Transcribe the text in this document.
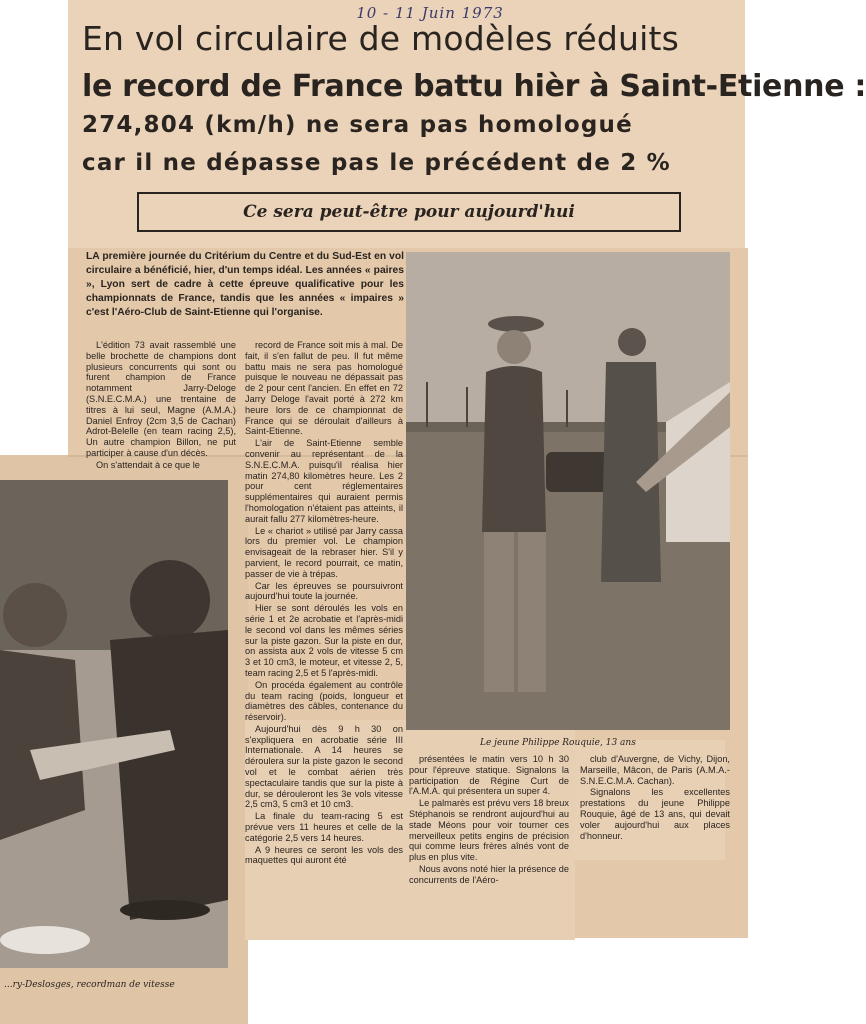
10 - 11 Juin 1973
En vol circulaire de modèles réduits
le record de France battu hièr à Saint-Etienne :
274,804 (km/h) ne sera pas homologué
car il ne dépasse pas le précédent de 2 %
Ce sera peut-être pour aujourd'hui
LA première journée du Critérium du Centre et du Sud-Est en vol circulaire a bénéficié, hier, d'un temps idéal. Les années « paires », Lyon sert de cadre à cette épreuve qualificative pour les championnats de France, tandis que les années « impaires » c'est l'Aéro-Club de Saint-Etienne qui l'organise.

L'édition 73 avait rassemblé une belle brochette de champions dont plusieurs concurrents qui sont ou furent champion de France notamment Jarry-Deloge (S.N.E.C.M.A.) une trentaine de titres à lui seul, Magne (A.M.A.) Daniel Enfroy (2cm 3,5 de Cachan) Adrot-Belelle (en team racing 2,5), Un autre champion Billon, ne put participer à cause d'un décès.

On s'attendait à ce que le

record de France soit mis à mal. De fait, il s'en fallut de peu. Il fut même battu mais ne sera pas homologué puisque le nouveau ne dépassait pas de 2 pour cent l'ancien. En effet en 72 Jarry Deloge l'avait porté à 272 km heure lors de ce championnat de France qui se déroulait d'ailleurs à Saint-Etienne.

L'air de Saint-Etienne semble convenir au représentant de la S.N.E.C.M.A. puisqu'il réalisa hier matin 274,80 kilomètres heure. Les 2 pour cent réglementaires supplémentaires qui auraient permis l'homologation n'étaient pas atteints, il aurait fallu 277 kilomètres-heure.

Le « chariot » utilisé par Jarry cassa lors du premier vol. Le champion envisageait de la rebraser hier. S'il y parvient, le record pourrait, ce matin, passer de vie à trépas.

Car les épreuves se poursuivront aujourd'hui toute la journée.

Hier se sont déroulés les vols en série 1 et 2e acrobatie et l'après-midi le second vol dans les mêmes séries sur la piste gazon. Sur la piste en dur, on assista aux 2 vols de vitesse 5 cm 3 et 10 cm3, le moteur, et vitesse 2, 5, team racing 2,5 et 5 l'après-midi.

On procéda également au contrôle du team racing (poids, longueur et diamètres des câbles, contenance du réservoir).

Aujourd'hui dès 9 h 30 on s'expliquera en acrobatie série III Internationale. A 14 heures se déroulera sur la piste gazon le second vol et le combat aérien très spectaculaire tandis que sur la piste à dur, se dérouleront les 3e vols vitesse 2,5 cm3, 5 cm3 et 10 cm3.

La finale du team-racing 5 est prévue vers 11 heures et celle de la catégorie 2,5 vers 14 heures.

A 9 heures ce seront les vols des maquettes qui auront été

présentées le matin vers 10 h 30 pour l'épreuve statique. Signalons la participation de Régine Curt de l'A.M.A. qui présentera un super 4.

Le palmarès est prévu vers 18 breux Stéphanois se rendront aujourd'hui au stade Méons pour voir tourner ces merveilleux petits engins de précision qui comme leurs frères aînés vont de plus en plus vite.

Nous avons noté hier la présence de concurrents de l'Aéro-

club d'Auvergne, de Vichy, Dijon, Marseille, Mâcon, de Paris (A.M.A.-S.N.E.C.M.A. Cachan).

Signalons les excellentes prestations du jeune Philippe Rouquie, âgé de 13 ans, qui devait voler aujourd'hui aux places d'honneur.

Le jeune Philippe Rouquie, 13 ans
...ry-Deslosges, recordman de vitesse
